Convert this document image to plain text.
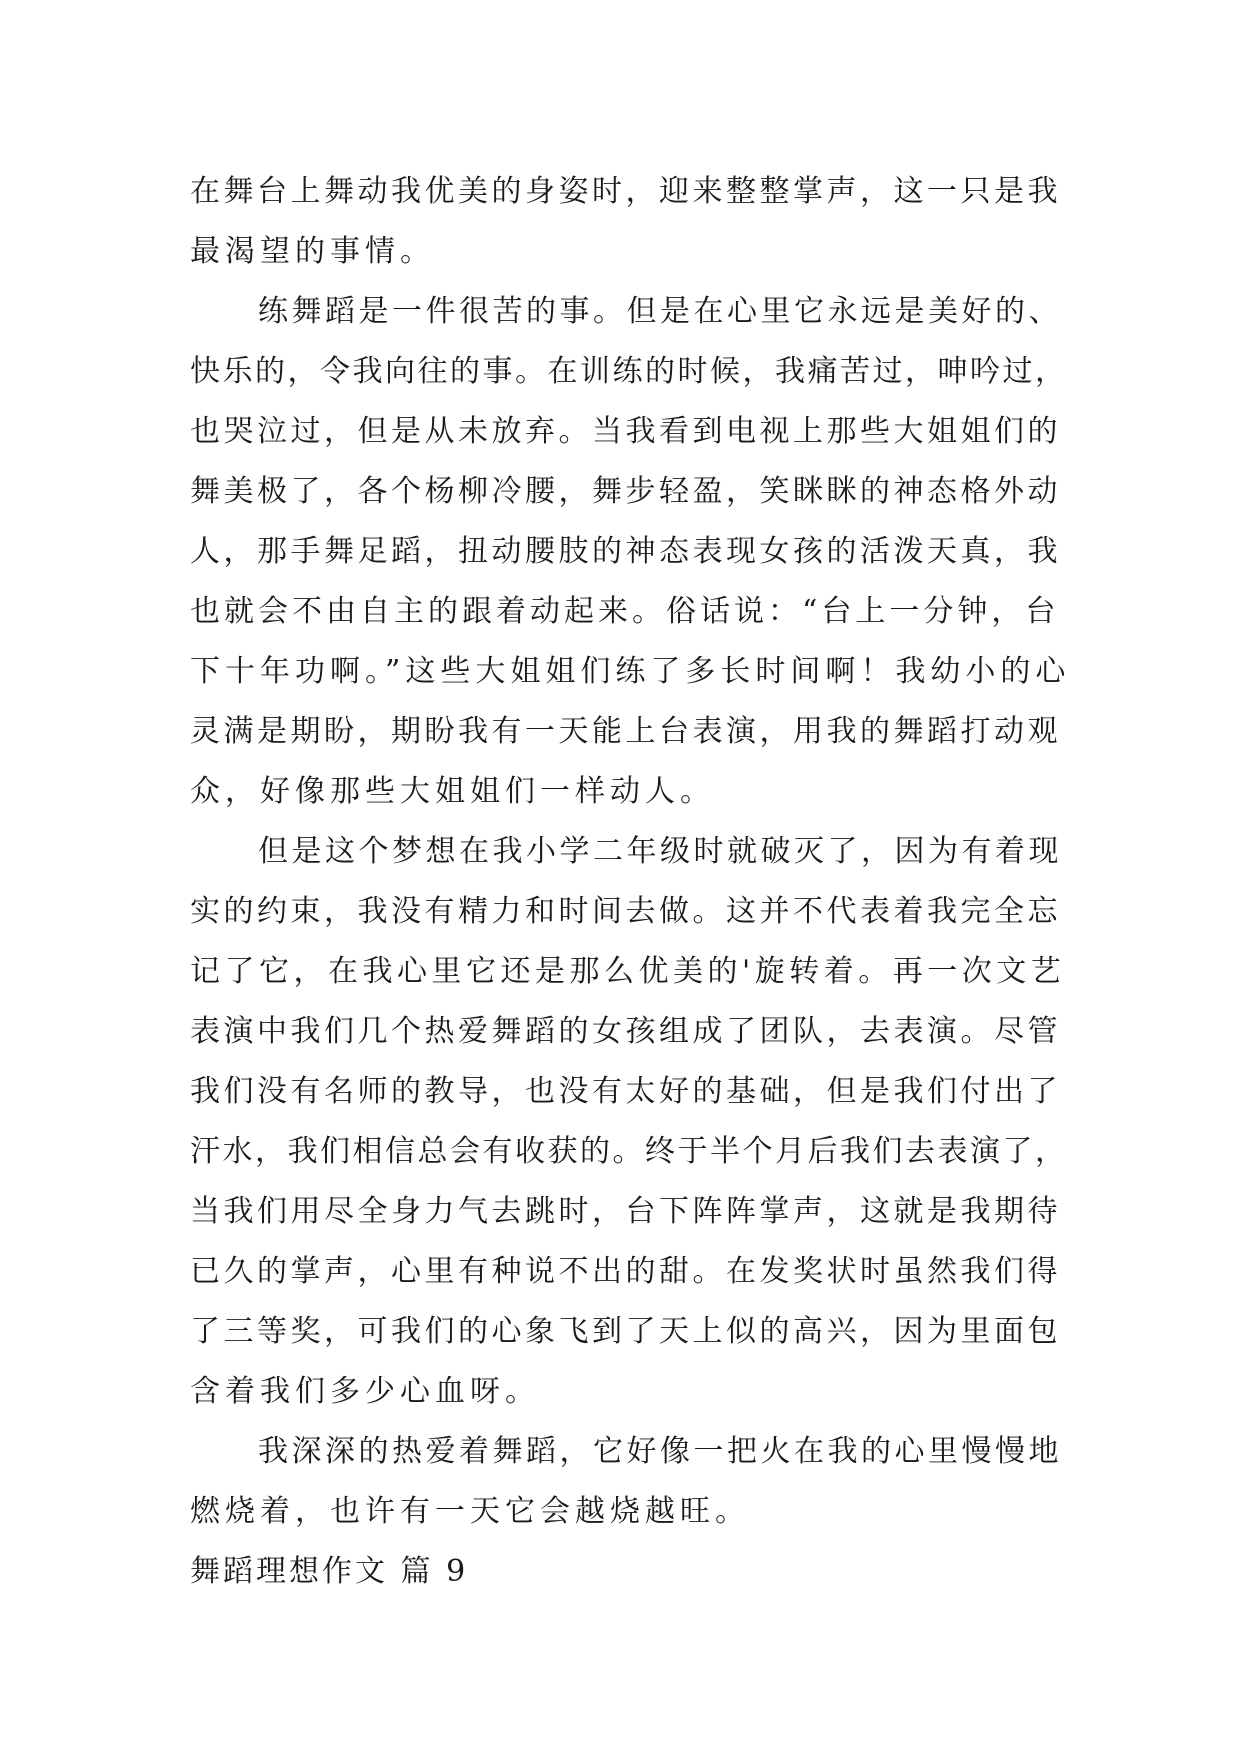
在舞台上舞动我优美的身姿时，迎来整整掌声，这一只是我
最渴望的事情。
练舞蹈是一件很苦的事。但是在心里它永远是美好的、
快乐的，令我向往的事。在训练的时候，我痛苦过，呻吟过，
也哭泣过，但是从未放弃。当我看到电视上那些大姐姐们的
舞美极了，各个杨柳冷腰，舞步轻盈，笑眯眯的神态格外动
人，那手舞足蹈，扭动腰肢的神态表现女孩的活泼天真，我
也就会不由自主的跟着动起来。俗话说：“台上一分钟，台
下十年功啊。”这些大姐姐们练了多长时间啊！我幼小的心
灵满是期盼，期盼我有一天能上台表演，用我的舞蹈打动观
众，好像那些大姐姐们一样动人。
但是这个梦想在我小学二年级时就破灭了，因为有着现
实的约束，我没有精力和时间去做。这并不代表着我完全忘
记了它，在我心里它还是那么优美的'旋转着。再一次文艺
表演中我们几个热爱舞蹈的女孩组成了团队，去表演。尽管
我们没有名师的教导，也没有太好的基础，但是我们付出了
汗水，我们相信总会有收获的。终于半个月后我们去表演了，
当我们用尽全身力气去跳时，台下阵阵掌声，这就是我期待
已久的掌声，心里有种说不出的甜。在发奖状时虽然我们得
了三等奖，可我们的心象飞到了天上似的高兴，因为里面包
含着我们多少心血呀。
我深深的热爱着舞蹈，它好像一把火在我的心里慢慢地
燃烧着，也许有一天它会越烧越旺。
舞蹈理想作文 篇 9
